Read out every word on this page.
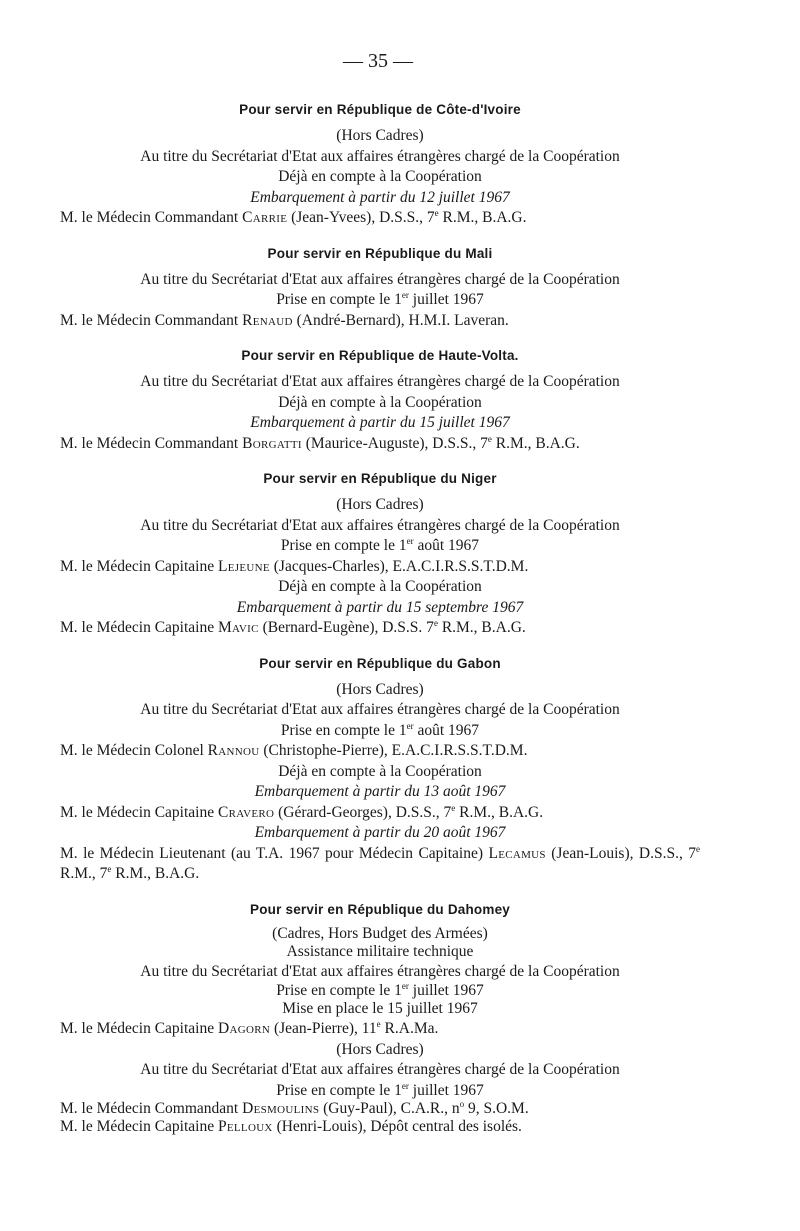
— 35 —
Pour servir en République de Côte-d'Ivoire
(Hors Cadres)
Au titre du Secrétariat d'Etat aux affaires étrangères chargé de la Coopération
Déjà en compte à la Coopération
Embarquement à partir du 12 juillet 1967
M. le Médecin Commandant Carrie (Jean-Yvees), D.S.S., 7e R.M., B.A.G.
Pour servir en République du Mali
Au titre du Secrétariat d'Etat aux affaires étrangères chargé de la Coopération
Prise en compte le 1er juillet 1967
M. le Médecin Commandant Renaud (André-Bernard), H.M.I. Laveran.
Pour servir en République de Haute-Volta.
Au titre du Secrétariat d'Etat aux affaires étrangères chargé de la Coopération
Déjà en compte à la Coopération
Embarquement à partir du 15 juillet 1967
M. le Médecin Commandant Borgatti (Maurice-Auguste), D.S.S., 7e R.M., B.A.G.
Pour servir en République du Niger
(Hors Cadres)
Au titre du Secrétariat d'Etat aux affaires étrangères chargé de la Coopération
Prise en compte le 1er août 1967
M. le Médecin Capitaine Lejeune (Jacques-Charles), E.A.C.I.R.S.S.T.D.M.
Déjà en compte à la Coopération
Embarquement à partir du 15 septembre 1967
M. le Médecin Capitaine Mavic (Bernard-Eugène), D.S.S. 7e R.M., B.A.G.
Pour servir en République du Gabon
(Hors Cadres)
Au titre du Secrétariat d'Etat aux affaires étrangères chargé de la Coopération
Prise en compte le 1er août 1967
M. le Médecin Colonel Rannou (Christophe-Pierre), E.A.C.I.R.S.S.T.D.M.
Déjà en compte à la Coopération
Embarquement à partir du 13 août 1967
M. le Médecin Capitaine Cravero (Gérard-Georges), D.S.S., 7e R.M., B.A.G.
Embarquement à partir du 20 août 1967
M. le Médecin Lieutenant (au T.A. 1967 pour Médecin Capitaine) Lecamus (Jean-Louis), D.S.S., 7e R.M., 7e R.M., B.A.G.
Pour servir en République du Dahomey
(Cadres, Hors Budget des Armées)
Assistance militaire technique
Au titre du Secrétariat d'Etat aux affaires étrangères chargé de la Coopération
Prise en compte le 1er juillet 1967
Mise en place le 15 juillet 1967
M. le Médecin Capitaine Dagorn (Jean-Pierre), 11e R.A.Ma.
(Hors Cadres)
Au titre du Secrétariat d'Etat aux affaires étrangères chargé de la Coopération
Prise en compte le 1er juillet 1967
M. le Médecin Commandant Desmoulins (Guy-Paul), C.A.R., $n^o$ 9, S.O.M.
M. le Médecin Capitaine Pelloux (Henri-Louis), Dépôt central des isolés.
